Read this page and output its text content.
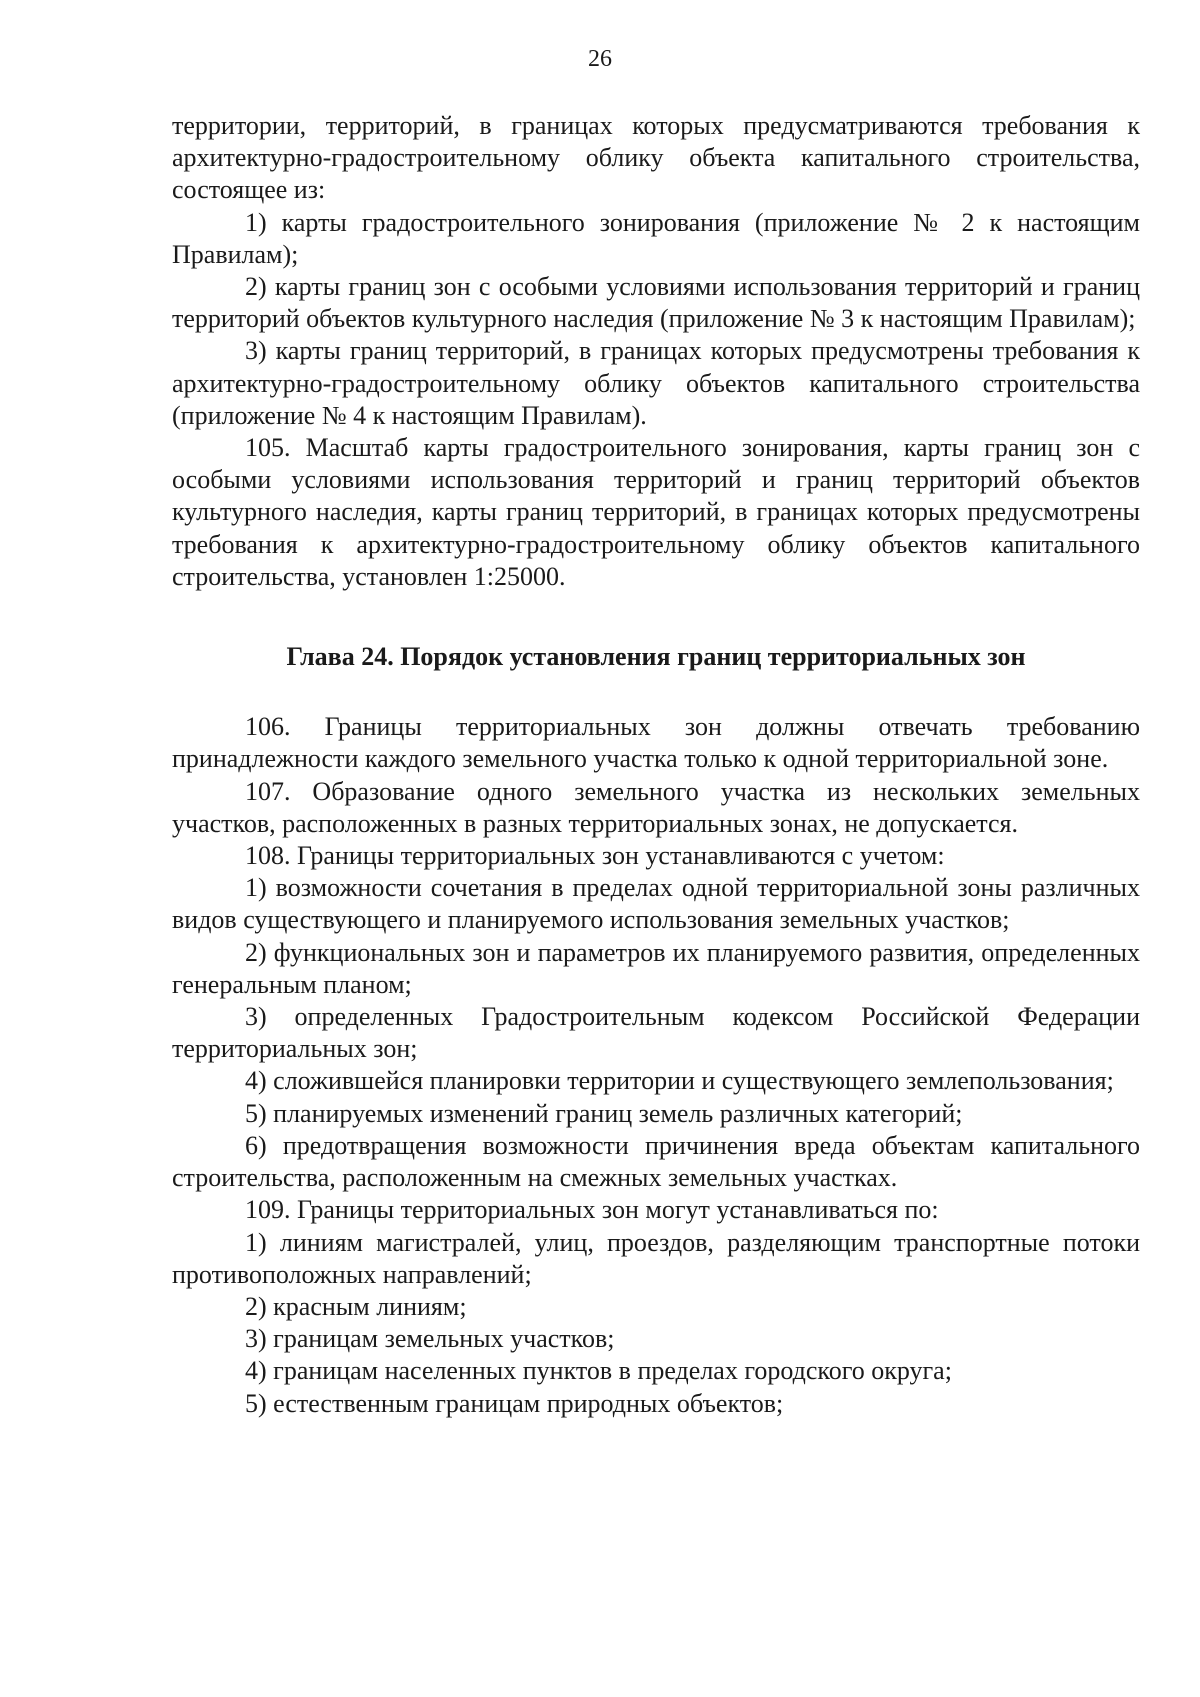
26

территории, территорий, в границах которых предусматриваются требования к архитектурно-градостроительному облику объекта капитального строительства, состоящее из:

1) карты градостроительного зонирования (приложение № 2 к настоящим Правилам);

2) карты границ зон с особыми условиями использования территорий и границ территорий объектов культурного наследия (приложение № 3 к настоящим Правилам);

3) карты границ территорий, в границах которых предусмотрены требования к архитектурно-градостроительному облику объектов капитального строительства (приложение № 4 к настоящим Правилам).

105. Масштаб карты градостроительного зонирования, карты границ зон с особыми условиями использования территорий и границ территорий объектов культурного наследия, карты границ территорий, в границах которых предусмотрены требования к архитектурно-градостроительному облику объектов капитального строительства, установлен 1:25000.

Глава 24. Порядок установления границ территориальных зон

106. Границы территориальных зон должны отвечать требованию принадлежности каждого земельного участка только к одной территориальной зоне.

107. Образование одного земельного участка из нескольких земельных участков, расположенных в разных территориальных зонах, не допускается.

108. Границы территориальных зон устанавливаются с учетом:

1) возможности сочетания в пределах одной территориальной зоны различных видов существующего и планируемого использования земельных участков;

2) функциональных зон и параметров их планируемого развития, определенных генеральным планом;

3) определенных Градостроительным кодексом Российской Федерации территориальных зон;

4) сложившейся планировки территории и существующего землепользования;

5) планируемых изменений границ земель различных категорий;

6) предотвращения возможности причинения вреда объектам капитального строительства, расположенным на смежных земельных участках.

109. Границы территориальных зон могут устанавливаться по:

1) линиям магистралей, улиц, проездов, разделяющим транспортные потоки противоположных направлений;

2) красным линиям;

3) границам земельных участков;

4) границам населенных пунктов в пределах городского округа;

5) естественным границам природных объектов;
